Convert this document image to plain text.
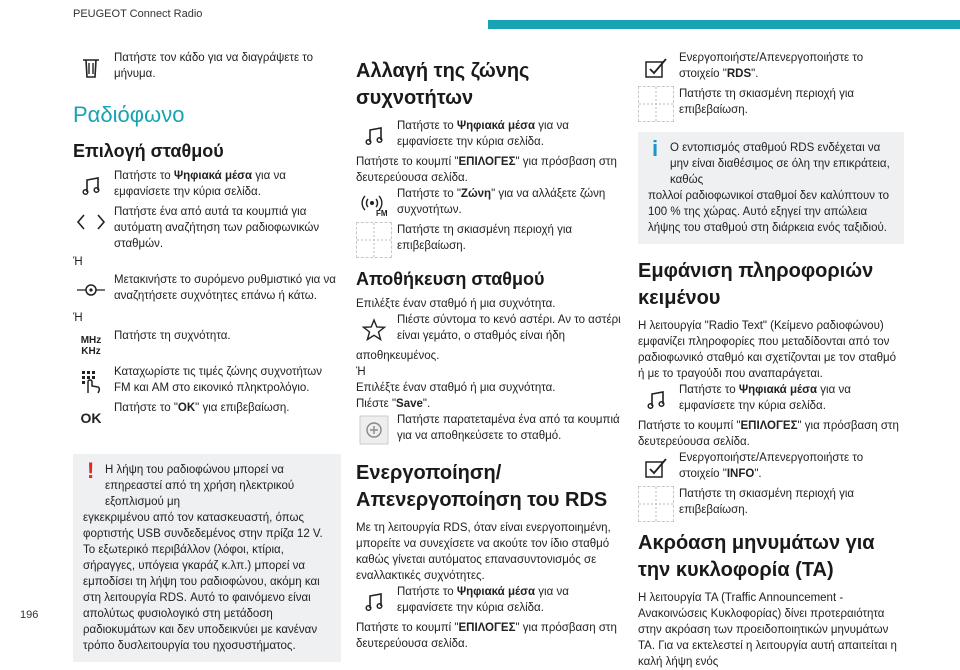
PEUGEOT Connect Radio
Πατήστε τον κάδο για να διαγράψετε το μήνυμα.
Ραδιόφωνο
Επιλογή σταθμού
Πατήστε το Ψηφιακά μέσα για να εμφανίσετε την κύρια σελίδα.
Πατήστε ένα από αυτά τα κουμπιά για αυτόματη αναζήτηση των ραδιοφωνικών σταθμών.
Ή
Μετακινήστε το συρόμενο ρυθμιστικό για να αναζητήσετε συχνότητες επάνω ή κάτω.
Ή
MHz
KHz
Πατήστε τη συχνότητα.
Καταχωρίστε τις τιμές ζώνης συχνοτήτων FM και AM στο εικονικό πληκτρολόγιο.
OK
Πατήστε το "OK" για επιβεβαίωση.
! Η λήψη του ραδιοφώνου μπορεί να επηρεαστεί από τη χρήση ηλεκτρικού εξοπλισμού μη
εγκεκριμένου από τον κατασκευαστή, όπως φορτιστής USB συνδεδεμένος στην πρίζα 12 V. Το εξωτερικό περιβάλλον (λόφοι, κτίρια, σήραγγες, υπόγεια γκαράζ κ.λπ.) μπορεί να εμποδίσει τη λήψη του ραδιοφώνου, ακόμη και στη λειτουργία RDS. Αυτό το φαινόμενο είναι απολύτως φυσιολογικό στη μετάδοση ραδιοκυμάτων και δεν υποδεικνύει με κανέναν τρόπο δυσλειτουργία του ηχοσυστήματος.
Αλλαγή της ζώνης συχνοτήτων
Πατήστε το Ψηφιακά μέσα για να εμφανίσετε την κύρια σελίδα.
Πατήστε το κουμπί "ΕΠΙΛΟΓΕΣ" για πρόσβαση στη δευτερεύουσα σελίδα.
FM
Πατήστε το "Ζώνη" για να αλλάξετε ζώνη συχνοτήτων.
Πατήστε τη σκιασμένη περιοχή για επιβεβαίωση.
Αποθήκευση σταθμού
Επιλέξτε έναν σταθμό ή μια συχνότητα.
Πιέστε σύντομα το κενό αστέρι. Αν το αστέρι είναι γεμάτο, ο σταθμός είναι ήδη
αποθηκευμένος.
Ή
Επιλέξτε έναν σταθμό ή μια συχνότητα.
Πιέστε "Save".
Πατήστε παρατεταμένα ένα από τα κουμπιά για να αποθηκεύσετε το σταθμό.
Ενεργοποίηση/ Απενεργοποίηση του RDS
Με τη λειτουργία RDS, όταν είναι ενεργοποιημένη, μπορείτε να συνεχίσετε να ακούτε τον ίδιο σταθμό καθώς γίνεται αυτόματος επανασυντονισμός σε εναλλακτικές συχνότητες.
Πατήστε το Ψηφιακά μέσα για να εμφανίσετε την κύρια σελίδα.
Πατήστε το κουμπί "ΕΠΙΛΟΓΕΣ" για πρόσβαση στη δευτερεύουσα σελίδα.
Ενεργοποιήστε/Απενεργοποιήστε το στοιχείο "RDS".
Πατήστε τη σκιασμένη περιοχή για επιβεβαίωση.
i	Ο εντοπισμός σταθμού RDS ενδέχεται να μην είναι διαθέσιμος σε όλη την επικράτεια, καθώς
πολλοί ραδιοφωνικοί σταθμοί δεν καλύπτουν το 100 % της χώρας. Αυτό εξηγεί την απώλεια λήψης του σταθμού στη διάρκεια ενός ταξιδιού.
Εμφάνιση πληροφοριών κειμένου
Η λειτουργία "Radio Text" (Κείμενο ραδιοφώνου) εμφανίζει πληροφορίες που μεταδίδονται από τον ραδιοφωνικό σταθμό και σχετίζονται με τον σταθμό ή με το τραγούδι που αναπαράγεται.
Πατήστε το Ψηφιακά μέσα για να εμφανίσετε την κύρια σελίδα.
Πατήστε το κουμπί "ΕΠΙΛΟΓΕΣ" για πρόσβαση στη δευτερεύουσα σελίδα.
Ενεργοποιήστε/Απενεργοποιήστε το στοιχείο "INFO".
Πατήστε τη σκιασμένη περιοχή για επιβεβαίωση.
Ακρόαση μηνυμάτων για την κυκλοφορία (TA)
Η λειτουργία TA (Traffic Announcement - Ανακοινώσεις Κυκλοφορίας) δίνει προτεραιότητα στην ακρόαση των προειδοποιητικών μηνυμάτων TA. Για να εκτελεστεί η λειτουργία αυτή απαιτείται η καλή λήψη ενός
196
